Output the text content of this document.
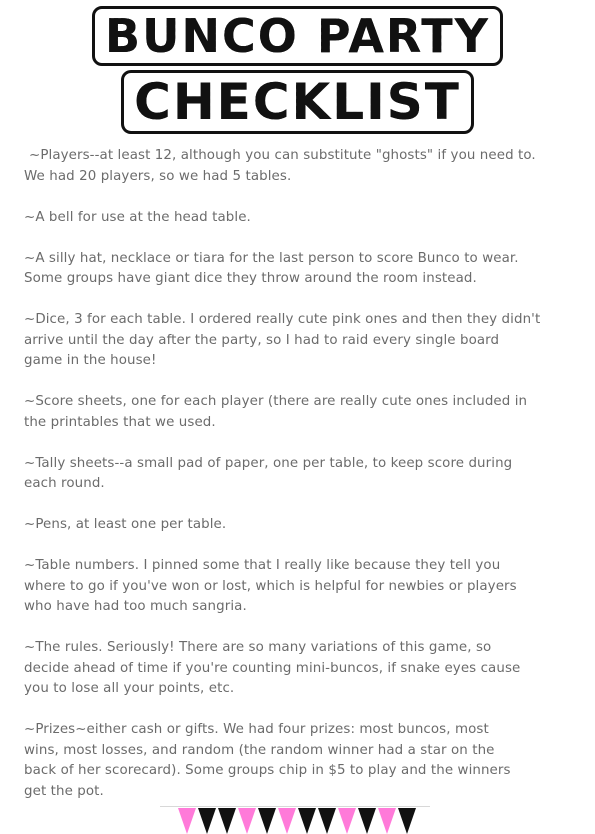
BUNCO PARTY
CHECKLIST
~Players--at least 12, although you can substitute "ghosts" if you need to.
We had 20 players, so we had 5 tables.
~A bell for use at the head table.
~A silly hat, necklace or tiara for the last person to score Bunco to wear.
Some groups have giant dice they throw around the room instead.
~Dice, 3 for each table. I ordered really cute pink ones and then they didn't
arrive until the day after the party, so I had to raid every single board
game in the house!
~Score sheets, one for each player (there are really cute ones included in
the printables that we used.
~Tally sheets--a small pad of paper, one per table, to keep score during
each round.
~Pens, at least one per table.
~Table numbers. I pinned some that I really like because they tell you
where to go if you've won or lost, which is helpful for newbies or players
who have had too much sangria.
~The rules. Seriously! There are so many variations of this game, so
decide ahead of time if you're counting mini-buncos, if snake eyes cause
you to lose all your points, etc.
~Prizes~either cash or gifts. We had four prizes: most buncos, most
wins, most losses, and random (the random winner had a star on the
back of her scorecard). Some groups chip in $5 to play and the winners
get the pot.
